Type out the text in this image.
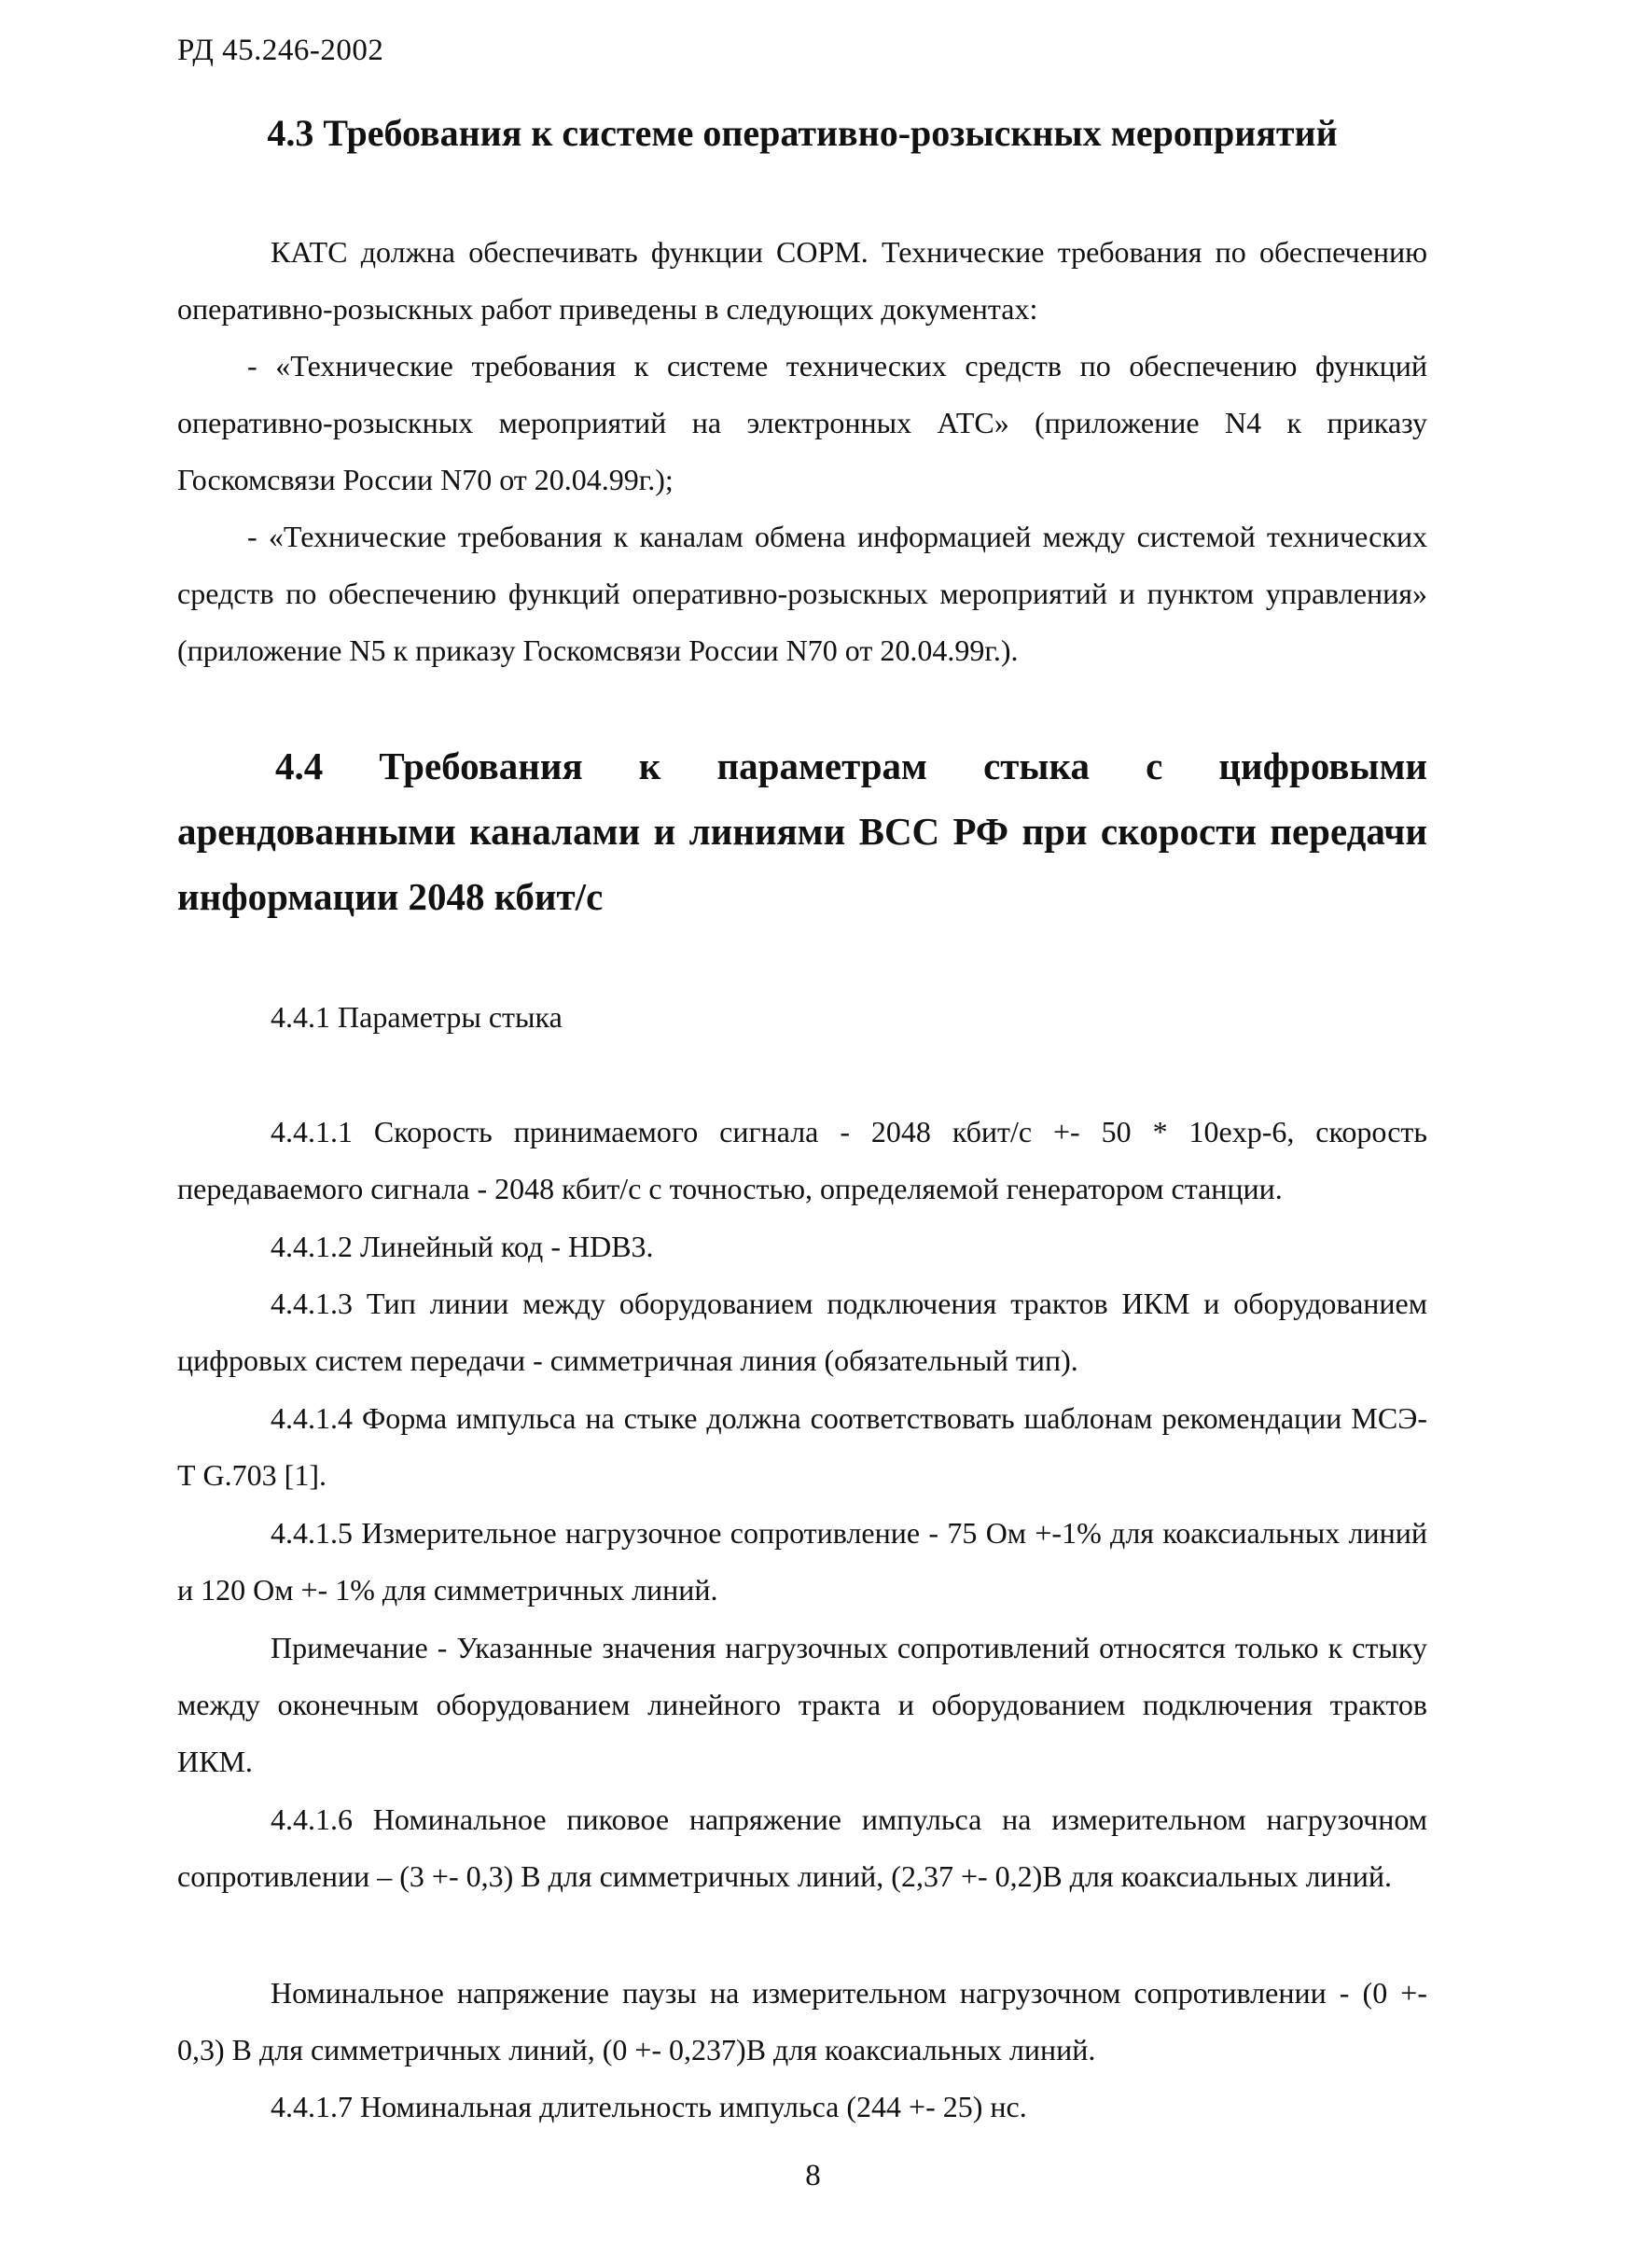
РД 45.246-2002

4.3 Требования к системе оперативно-розыскных мероприятий

КАТС должна обеспечивать функции СОРМ. Технические требования по обеспечению оперативно-розыскных работ приведены в следующих документах:

- «Технические требования к системе технических средств по обеспечению функций оперативно-розыскных мероприятий на электронных АТС» (приложение N4 к приказу Госкомсвязи России N70 от 20.04.99г.);

- «Технические требования к каналам обмена информацией между системой технических средств по обеспечению функций оперативно-розыскных мероприятий и пунктом управления» (приложение N5 к приказу Госкомсвязи России N70 от 20.04.99г.).

4.4 Требования к параметрам стыка с цифровыми арендованными каналами и линиями ВСС РФ при скорости передачи информации 2048 кбит/с

4.4.1 Параметры стыка

4.4.1.1 Скорость принимаемого сигнала - 2048 кбит/с +- 50 * 10exp-6, скорость передаваемого сигнала - 2048 кбит/с с точностью, определяемой генератором станции.

4.4.1.2 Линейный код - HDB3.

4.4.1.3 Тип линии между оборудованием подключения трактов ИКМ и оборудованием цифровых систем передачи - симметричная линия (обязательный тип).

4.4.1.4 Форма импульса на стыке должна соответствовать шаблонам рекомендации МСЭ-Т G.703 [1].

4.4.1.5 Измерительное нагрузочное сопротивление - 75 Ом +-1% для коаксиальных линий и 120 Ом +- 1% для симметричных линий.

Примечание - Указанные значения нагрузочных сопротивлений относятся только к стыку между оконечным оборудованием линейного тракта и оборудованием подключения трактов ИКМ.

4.4.1.6 Номинальное пиковое напряжение импульса на измерительном нагрузочном сопротивлении – (3 +- 0,3) В для симметричных линий, (2,37 +- 0,2)В для коаксиальных линий.

Номинальное напряжение паузы на измерительном нагрузочном сопротивлении - (0 +- 0,3) В для симметричных линий, (0 +- 0,237)В для коаксиальных линий.

4.4.1.7 Номинальная длительность импульса (244 +- 25) нс.

8
